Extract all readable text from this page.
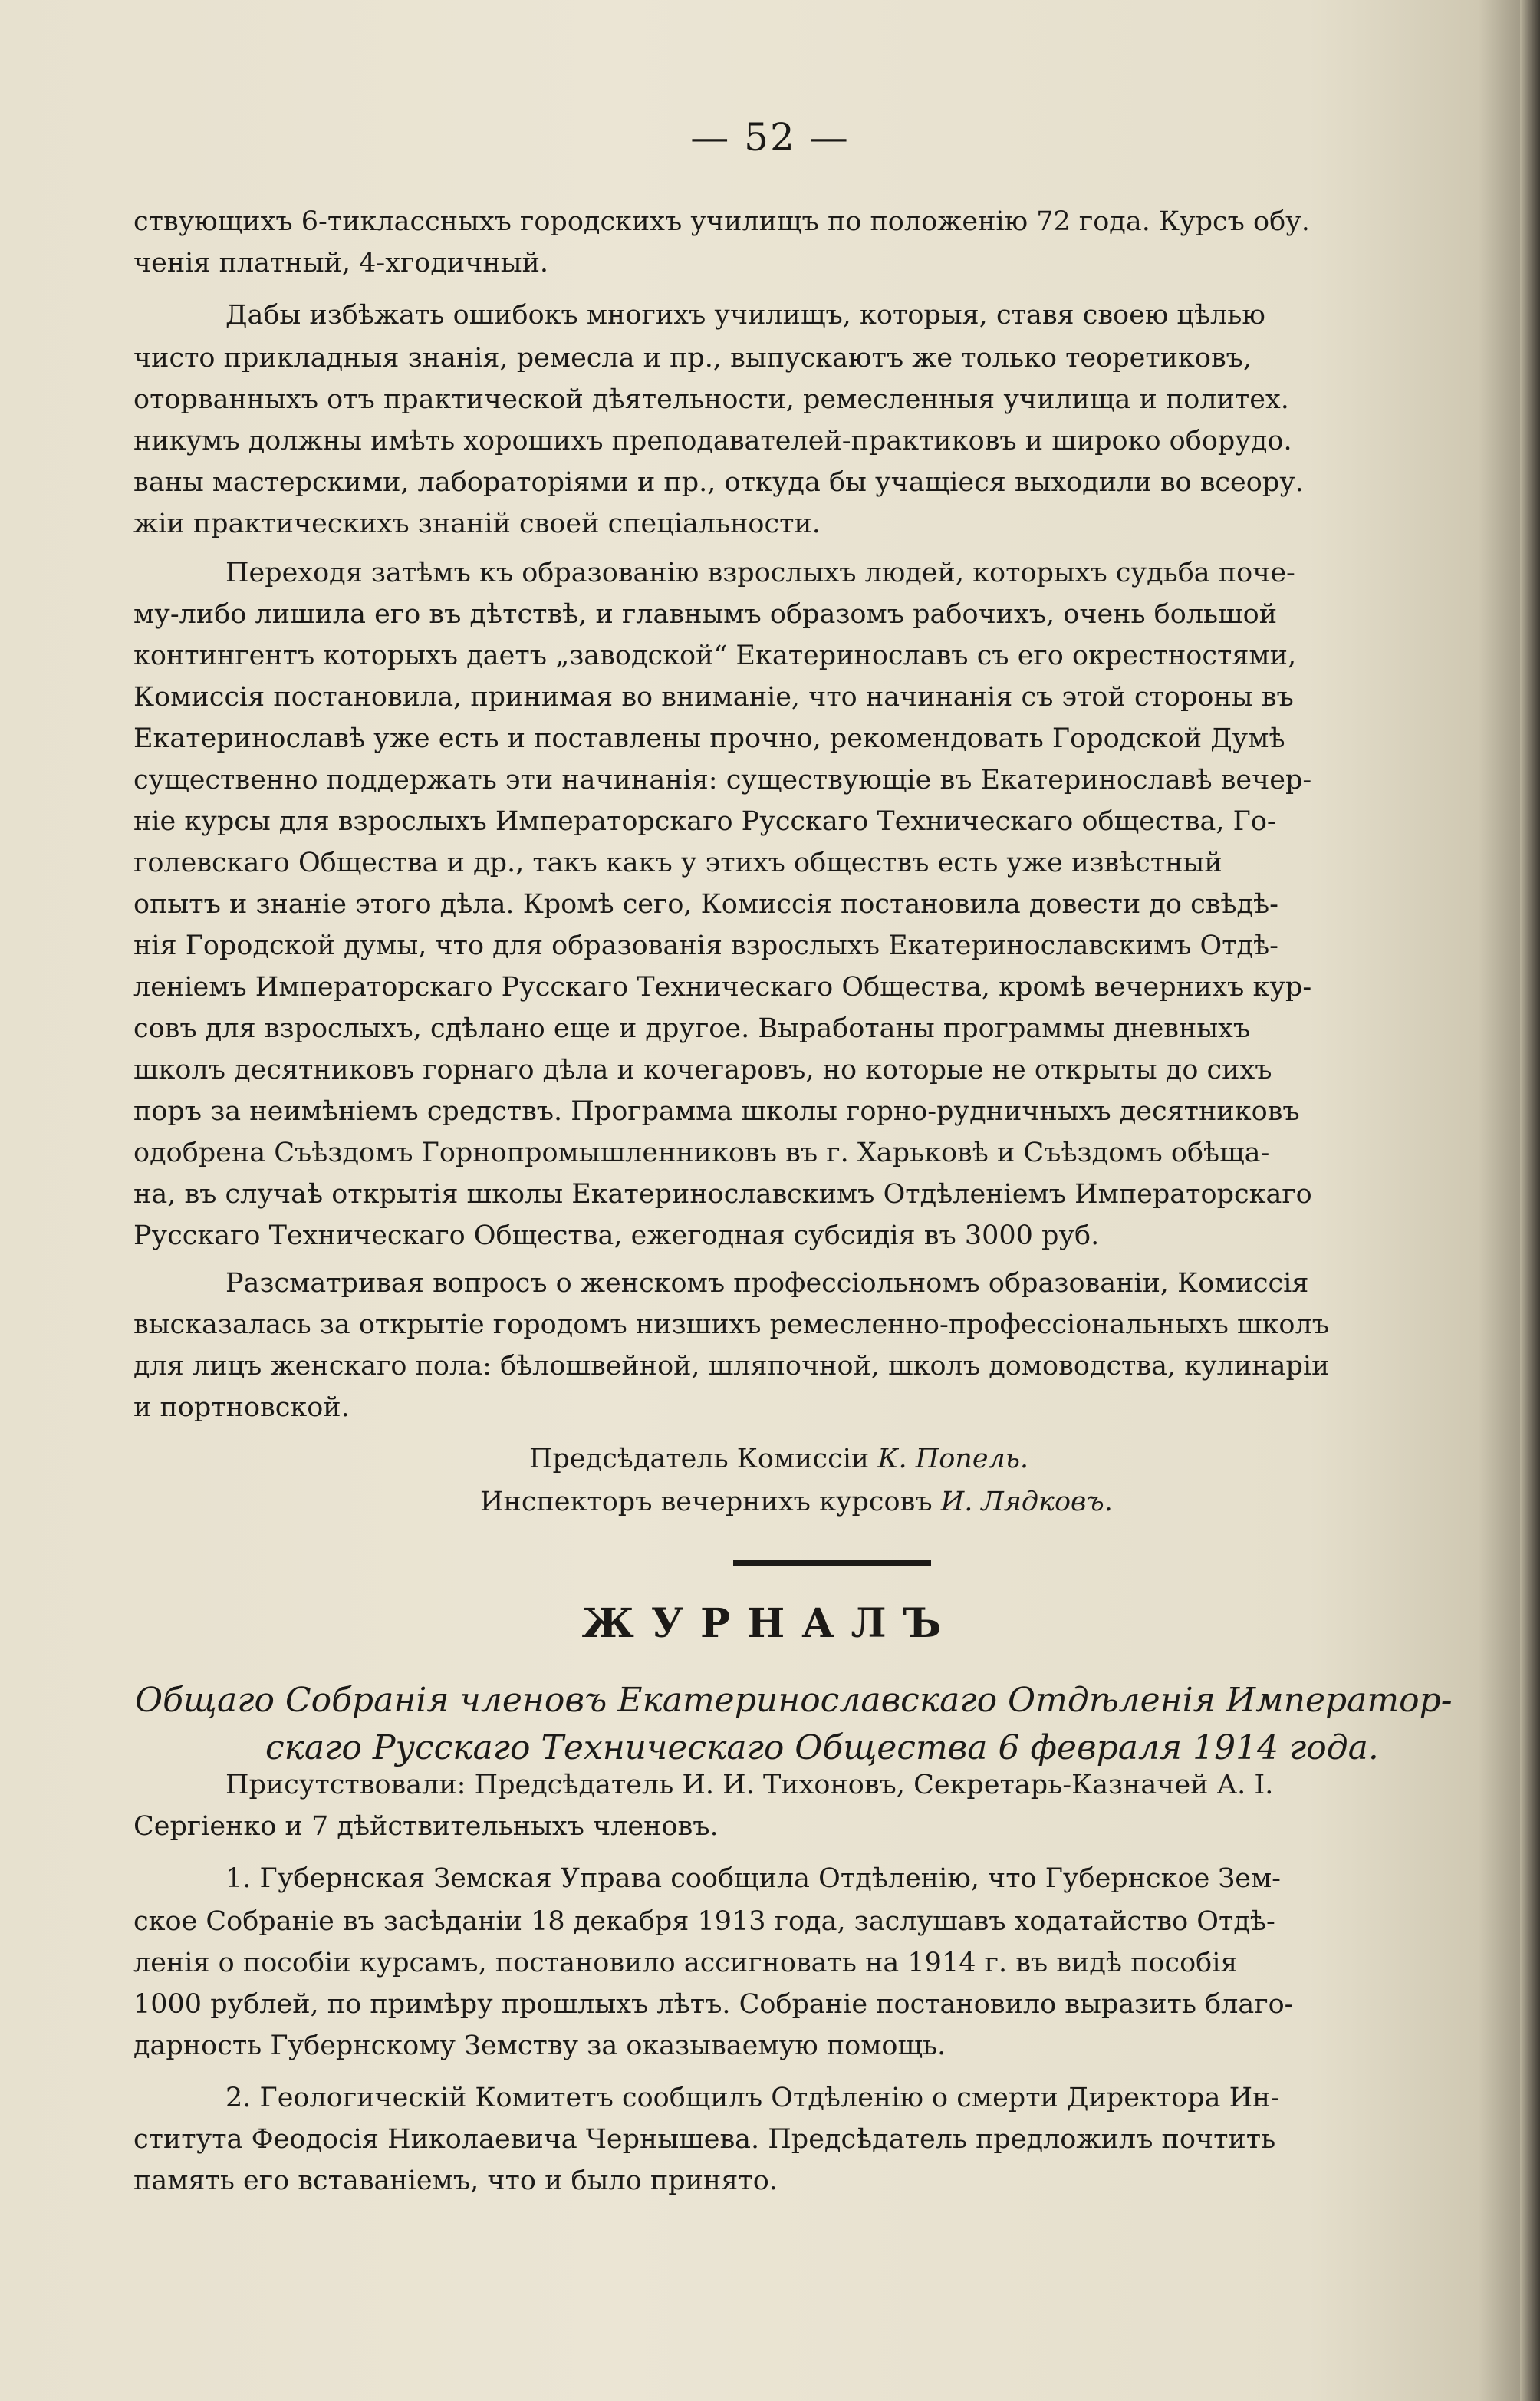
— 52 —

ствующихъ 6-тиклассныхъ городскихъ училищъ по положенію 72 года. Курсъ обу.

ченія платный, 4-хгодичный.

Дабы избѣжать ошибокъ многихъ училищъ, которыя, ставя своею цѣлью

чисто прикладныя знанія, ремесла и пр., выпускаютъ же только теоретиковъ,

оторванныхъ отъ практической дѣятельности, ремесленныя училища и политех.

никумъ должны имѣть хорошихъ преподавателей-практиковъ и широко оборудо.

ваны мастерскими, лабораторіями и пр., откуда бы учащіеся выходили во всеору.

жіи практическихъ знаній своей спеціальности.

Переходя затѣмъ къ образованію взрослыхъ людей, которыхъ судьба поче-

му-либо лишила его въ дѣтствѣ, и главнымъ образомъ рабочихъ, очень большой

контингентъ которыхъ даетъ „заводской“ Екатеринославъ съ его окрестностями,

Комиссія постановила, принимая во вниманіе, что начинанія съ этой стороны въ

Екатеринославѣ уже есть и поставлены прочно, рекомендовать Городской Думѣ

существенно поддержать эти начинанія: существующіе въ Екатеринославѣ вечер-

ніе курсы для взрослыхъ Императорскаго Русскаго Техническаго общества, Го-

голевскаго Общества и др., такъ какъ у этихъ обществъ есть уже извѣстный

опытъ и знаніе этого дѣла. Кромѣ сего, Комиссія постановила довести до свѣдѣ-

нія Городской думы, что для образованія взрослыхъ Екатеринославскимъ Отдѣ-

леніемъ Императорскаго Русскаго Техническаго Общества, кромѣ вечернихъ кур-

совъ для взрослыхъ, сдѣлано еще и другое. Выработаны программы дневныхъ

школъ десятниковъ горнаго дѣла и кочегаровъ, но которые не открыты до сихъ

поръ за неимѣніемъ средствъ. Программа школы горно-рудничныхъ десятниковъ

одобрена Съѣздомъ Горнопромышленниковъ въ г. Харьковѣ и Съѣздомъ обѣща-

на, въ случаѣ открытія школы Екатеринославскимъ Отдѣленіемъ Императорскаго

Русскаго Техническаго Общества, ежегодная субсидія въ 3000 руб.

Разсматривая вопросъ о женскомъ професcіольномъ образованіи, Комиссія

высказалась за открытіе городомъ низшихъ ремесленно-професcіональныхъ школъ

для лицъ женскаго пола: бѣлошвейной, шляпочной, школъ домоводства, кулинаріи

и портновской.

Предсѣдатель Комиссіи К. Попель.
Инспекторъ вечернихъ курсовъ И. Лядковъ.
ЖУРНАЛЪ
Общаго Собранія членовъ Екатеринославскаго Отдѣленія Император-
скаго Русскаго Техническаго Общества 6 февраля 1914 года.

Присутствовали: Предсѣдатель И. И. Тихоновъ, Секретарь-Казначей А. І.

Сергіенко и 7 дѣйствительныхъ членовъ.

1. Губернская Земская Управа сообщила Отдѣленію, что Губернское Зем-

ское Собраніе въ засѣданіи 18 декабря 1913 года, заслушавъ ходатайство Отдѣ-

ленія о пособіи курсамъ, постановило ассигновать на 1914 г. въ видѣ пособія

1000 рублей, по примѣру прошлыхъ лѣтъ. Собраніе постановило выразить благо-

дарность Губернскому Земству за оказываемую помощь.

2. Геологическій Комитетъ сообщилъ Отдѣленію о смерти Директора Ин-

ститута Феодосія Николаевича Чернышева. Предсѣдатель предложилъ почтить

память его вставаніемъ, что и было принято.
